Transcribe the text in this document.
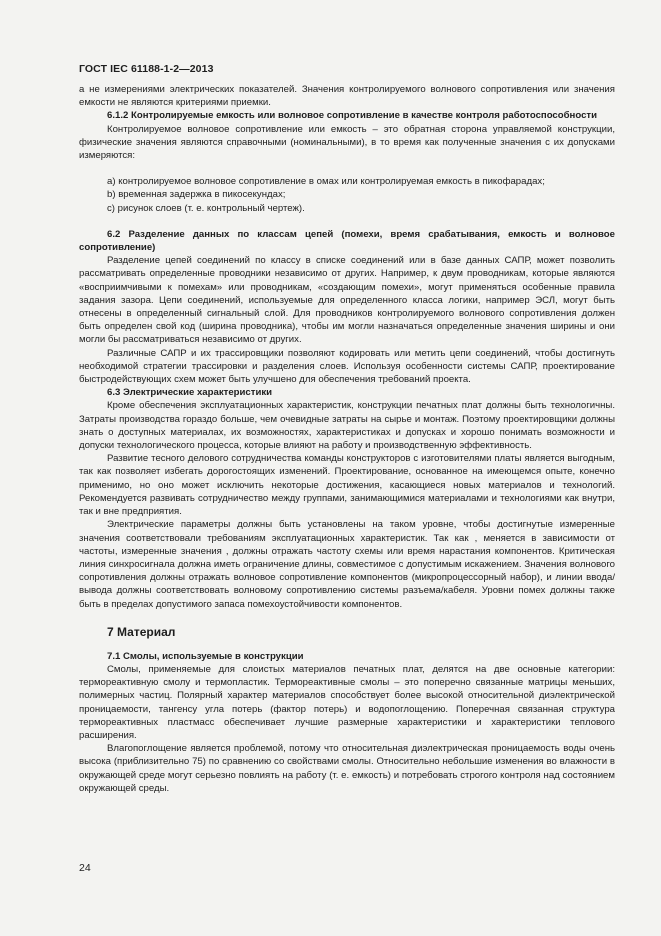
ГОСТ IEC 61188-1-2—2013

а не измерениями электрических показателей. Значения контролируемого волнового сопротивления или значения емкости не являются критериями приемки.

6.1.2 Контролируемые емкость или волновое сопротивление в качестве контроля работоспособности

Контролируемое волновое сопротивление или емкость – это обратная сторона управляемой конструкции, физические значения являются справочными (номинальными), в то время как полученные значения с их допусками измеряются:

а) контролируемое волновое сопротивление в омах или контролируемая емкость в пикофарадах;

b) временная задержка в пикосекундах;

c) рисунок слоев (т. е. контрольный чертеж).

6.2 Разделение данных по классам цепей (помехи, время срабатывания, емкость и волновое сопротивление)

Разделение цепей соединений по классу в списке соединений или в базе данных САПР, может позволить рассматривать определенные проводники независимо от других. Например, к двум проводникам, которые являются «восприимчивыми к помехам» или проводникам, «создающим помехи», могут применяться особенные правила задания зазора. Цепи соединений, используемые для определенного класса логики, например ЭСЛ, могут быть отнесены в определенный сигнальный слой. Для проводников контролируемого волнового сопротивления должен быть определен свой код (ширина проводника), чтобы им могли назначаться определенные значения ширины и они могли бы рассматриваться независимо от других.

Различные САПР и их трассировщики позволяют кодировать или метить цепи соединений, чтобы достигнуть необходимой стратегии трассировки и разделения слоев. Используя особенности системы САПР, проектирование быстродействующих схем может быть улучшено для обеспечения требований проекта.

6.3 Электрические характеристики

Кроме обеспечения эксплуатационных характеристик, конструкции печатных плат должны быть технологичны. Затраты производства гораздо больше, чем очевидные затраты на сырье и монтаж. Поэтому проектировщики должны знать о доступных материалах, их возможностях, характеристиках и допусках и хорошо понимать возможности и допуски технологического процесса, которые влияют на работу и производственную эффективность.

Развитие тесного делового сотрудничества команды конструкторов с изготовителями платы является выгодным, так как позволяет избегать дорогостоящих изменений. Проектирование, основанное на имеющемся опыте, конечно применимо, но оно может исключить некоторые достижения, касающиеся новых материалов и технологий. Рекомендуется развивать сотрудничество между группами, занимающимися материалами и технологиями как внутри, так и вне предприятия.

Электрические параметры должны быть установлены на таком уровне, чтобы достигнутые измеренные значения соответствовали требованиям эксплуатационных характеристик. Так как , меняется в зависимости от частоты, измеренные значения , должны отражать частоту схемы или время нарастания компонентов. Критическая линия синхросигнала должна иметь ограничение длины, совместимое с допустимым искажением. Значения волнового сопротивления должны отражать волновое сопротивление компонентов (микропроцессорный набор), и линии ввода/вывода должны соответствовать волновому сопротивлению системы разъема/кабеля. Уровни помех должны также быть в пределах допустимого запаса помехоустойчивости компонентов.

7 Материал

7.1 Смолы, используемые в конструкции

Смолы, применяемые для слоистых материалов печатных плат, делятся на две основные категории: термореактивную смолу и термопластик. Термореактивные смолы – это поперечно связанные матрицы меньших, полимерных частиц. Полярный характер материалов способствует более высокой относительной диэлектрической проницаемости, тангенсу угла потерь (фактор потерь) и водопоглощению. Поперечная связанная структура термореактивных пластмасс обеспечивает лучшие размерные характеристики и характеристики теплового расширения.

Влагопоглощение является проблемой, потому что относительная диэлектрическая проницаемость воды очень высока (приблизительно 75) по сравнению со свойствами смолы. Относительно небольшие изменения во влажности в окружающей среде могут серьезно повлиять на работу (т. е. емкость) и потребовать строгого контроля над состоянием окружающей среды.

24
